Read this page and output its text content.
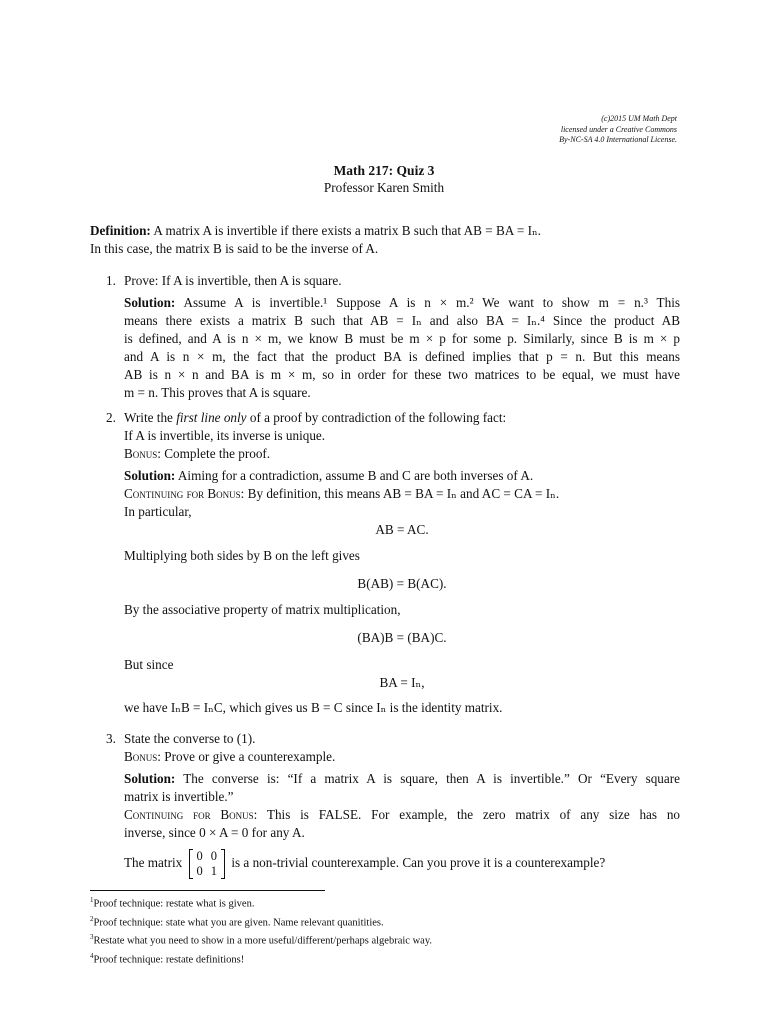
(c)2015 UM Math Dept
licensed under a Creative Commons
By-NC-SA 4.0 International License.
Math 217: Quiz 3
Professor Karen Smith
Definition: A matrix A is invertible if there exists a matrix B such that AB = BA = Iₙ.
In this case, the matrix B is said to be the inverse of A.
1. Prove: If A is invertible, then A is square.
Solution: Assume A is invertible.¹ Suppose A is n × m.² We want to show m = n.³ This
means there exists a matrix B such that AB = Iₙ and also BA = Iₙ.⁴ Since the product AB
is defined, and A is n × m, we know B must be m × p for some p. Similarly, since B is m × p
and A is n × m, the fact that the product BA is defined implies that p = n. But this means
AB is n × n and BA is m × m, so in order for these two matrices to be equal, we must have
m = n. This proves that A is square.
2. Write the first line only of a proof by contradiction of the following fact:
If A is invertible, its inverse is unique.
Bonus: Complete the proof.
Solution: Aiming for a contradiction, assume B and C are both inverses of A.
Continuing for Bonus: By definition, this means AB = BA = Iₙ and AC = CA = Iₙ.
In particular,
AB = AC.
Multiplying both sides by B on the left gives
B(AB) = B(AC).
By the associative property of matrix multiplication,
(BA)B = (BA)C.
But since
BA = Iₙ,
we have IₙB = IₙC, which gives us B = C since Iₙ is the identity matrix.
3. State the converse to (1).
Bonus: Prove or give a counterexample.
Solution: The converse is: “If a matrix A is square, then A is invertible.” Or “Every square
matrix is invertible.”
Continuing for Bonus: This is FALSE. For example, the zero matrix of any size has no
inverse, since 0 × A = 0 for any A.
The matrix 0	0
0	1
is a non-trivial counterexample. Can you prove it is a counterexample?
$^1$Proof technique: restate what is given.
$^2$Proof technique: state what you are given. Name relevant quanitities.
$^3$Restate what you need to show in a more useful/different/perhaps algebraic way.
$^4$Proof technique: restate definitions!
